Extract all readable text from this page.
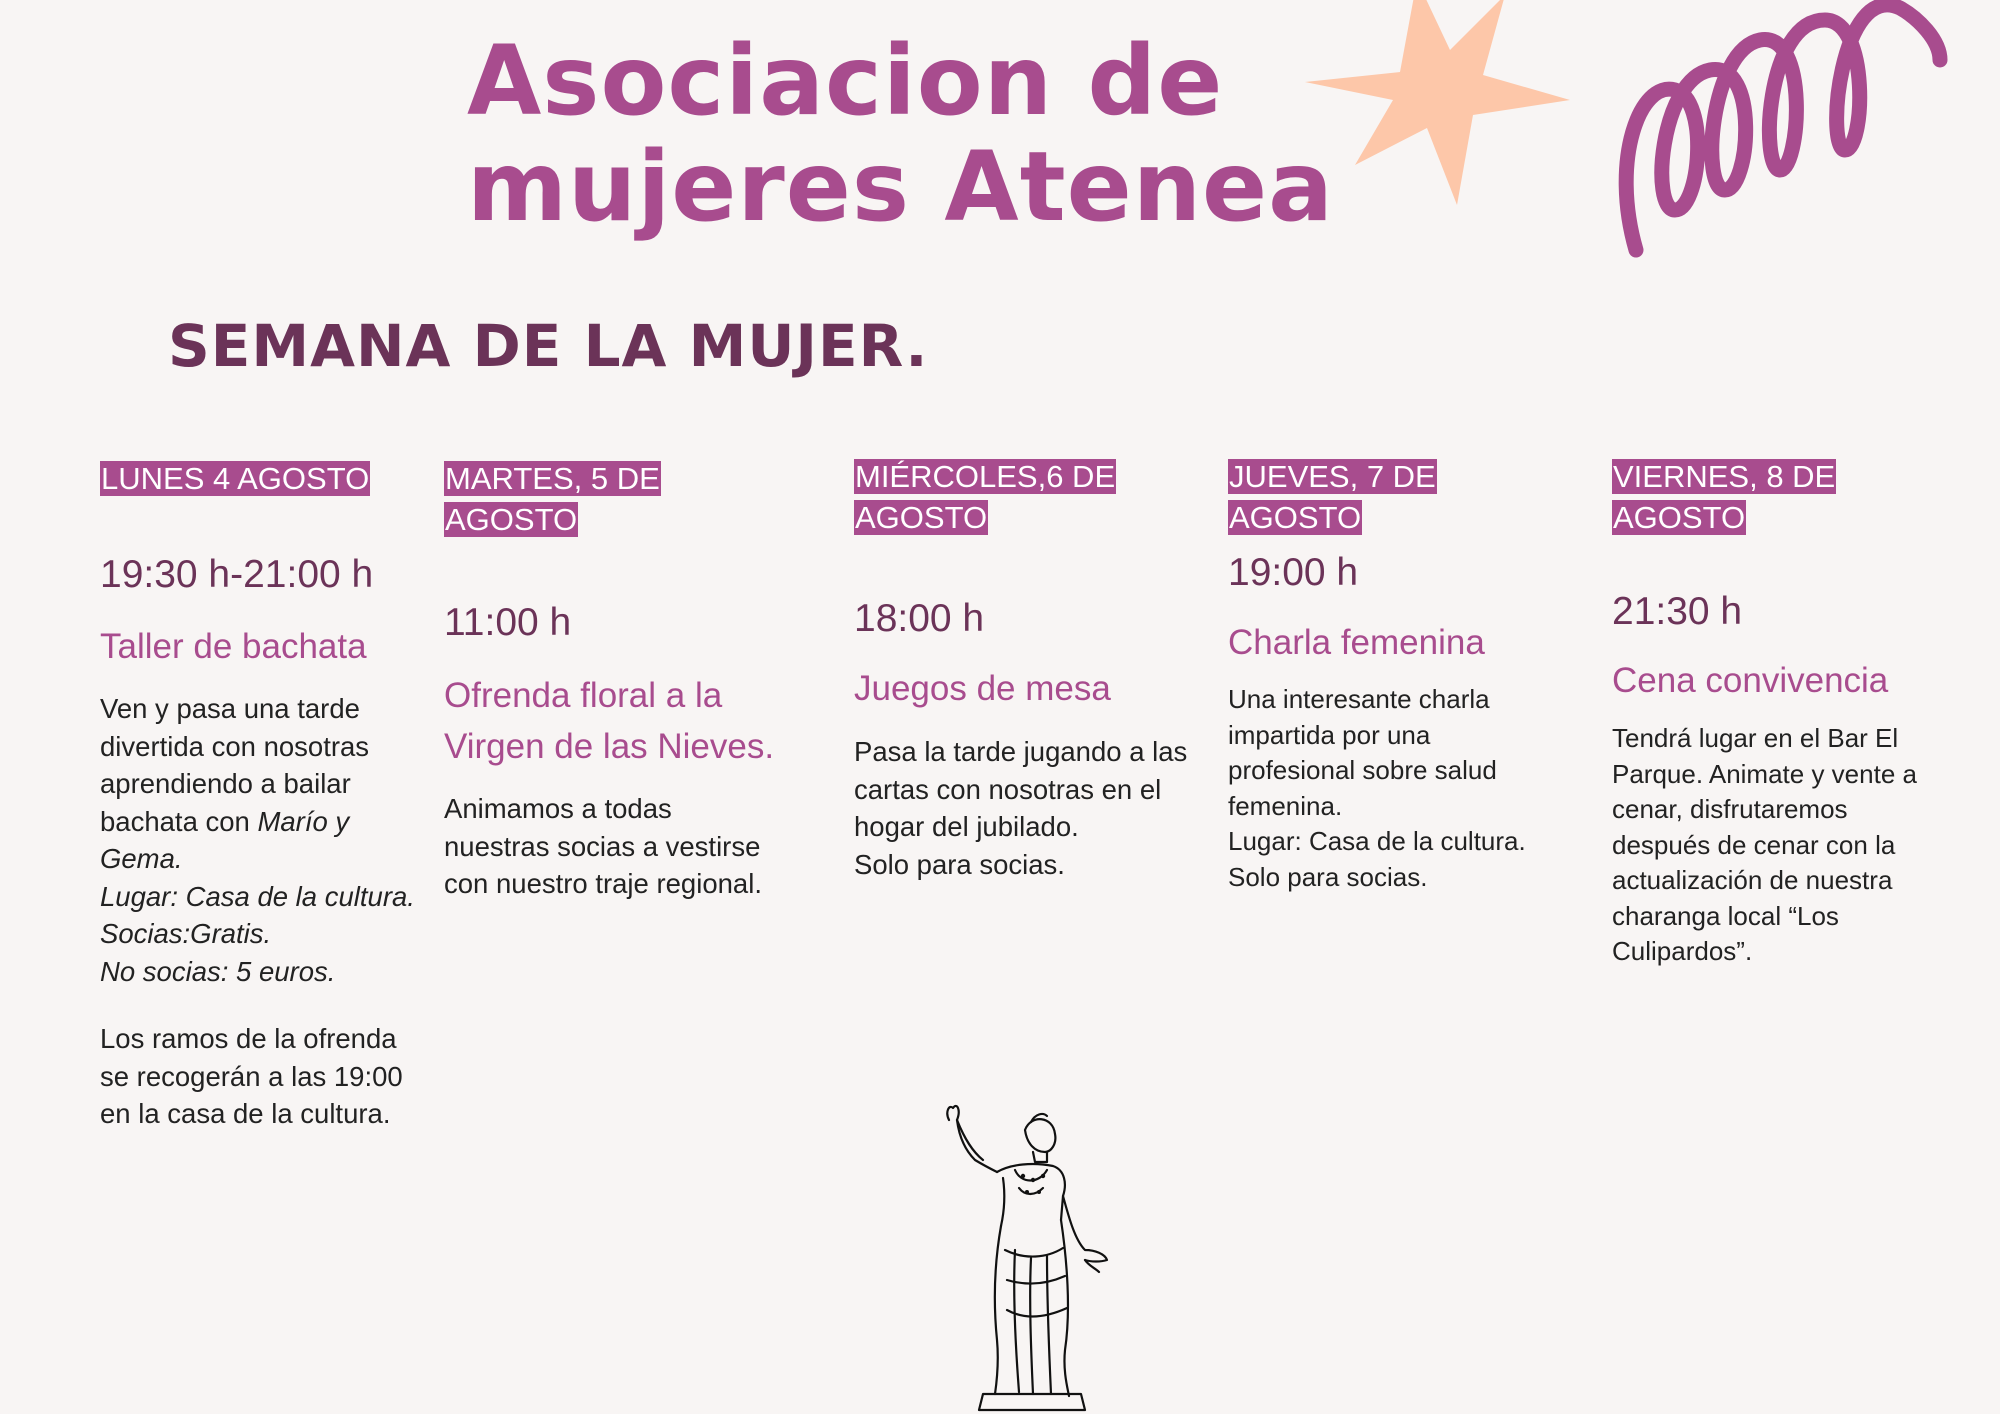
Asociacion de
mujeres Atenea
SEMANA DE LA MUJER.
LUNES 4 AGOSTO

19:30 h-21:00 h

Taller de bachata

Ven y pasa una tarde
divertida con nosotras
aprendiendo a bailar
bachata con Marío y
Gema.
Lugar: Casa de la cultura.
Socias:Gratis.
No socias: 5 euros.

Los ramos de la ofrenda
se recogerán a las 19:00
en la casa de la cultura.

MARTES, 5 DE
AGOSTO

11:00 h

Ofrenda floral a la
Virgen de las Nieves.

Animamos a todas
nuestras socias a vestirse
con nuestro traje regional.

MIÉRCOLES,6 DE
AGOSTO

18:00 h

Juegos de mesa

Pasa la tarde jugando a las
cartas con nosotras en el
hogar del jubilado.
Solo para socias.

JUEVES, 7 DE AGOSTO

19:00 h

Charla femenina

Una interesante charla
impartida por una
profesional sobre salud
femenina.
Lugar: Casa de la cultura.
Solo para socias.

VIERNES, 8 DE
AGOSTO

21:30 h

Cena convivencia

Tendrá lugar en el Bar El
Parque. Animate y vente a
cenar, disfrutaremos
después de cenar con la
actualización de nuestra
charanga local “Los
Culipardos”.
